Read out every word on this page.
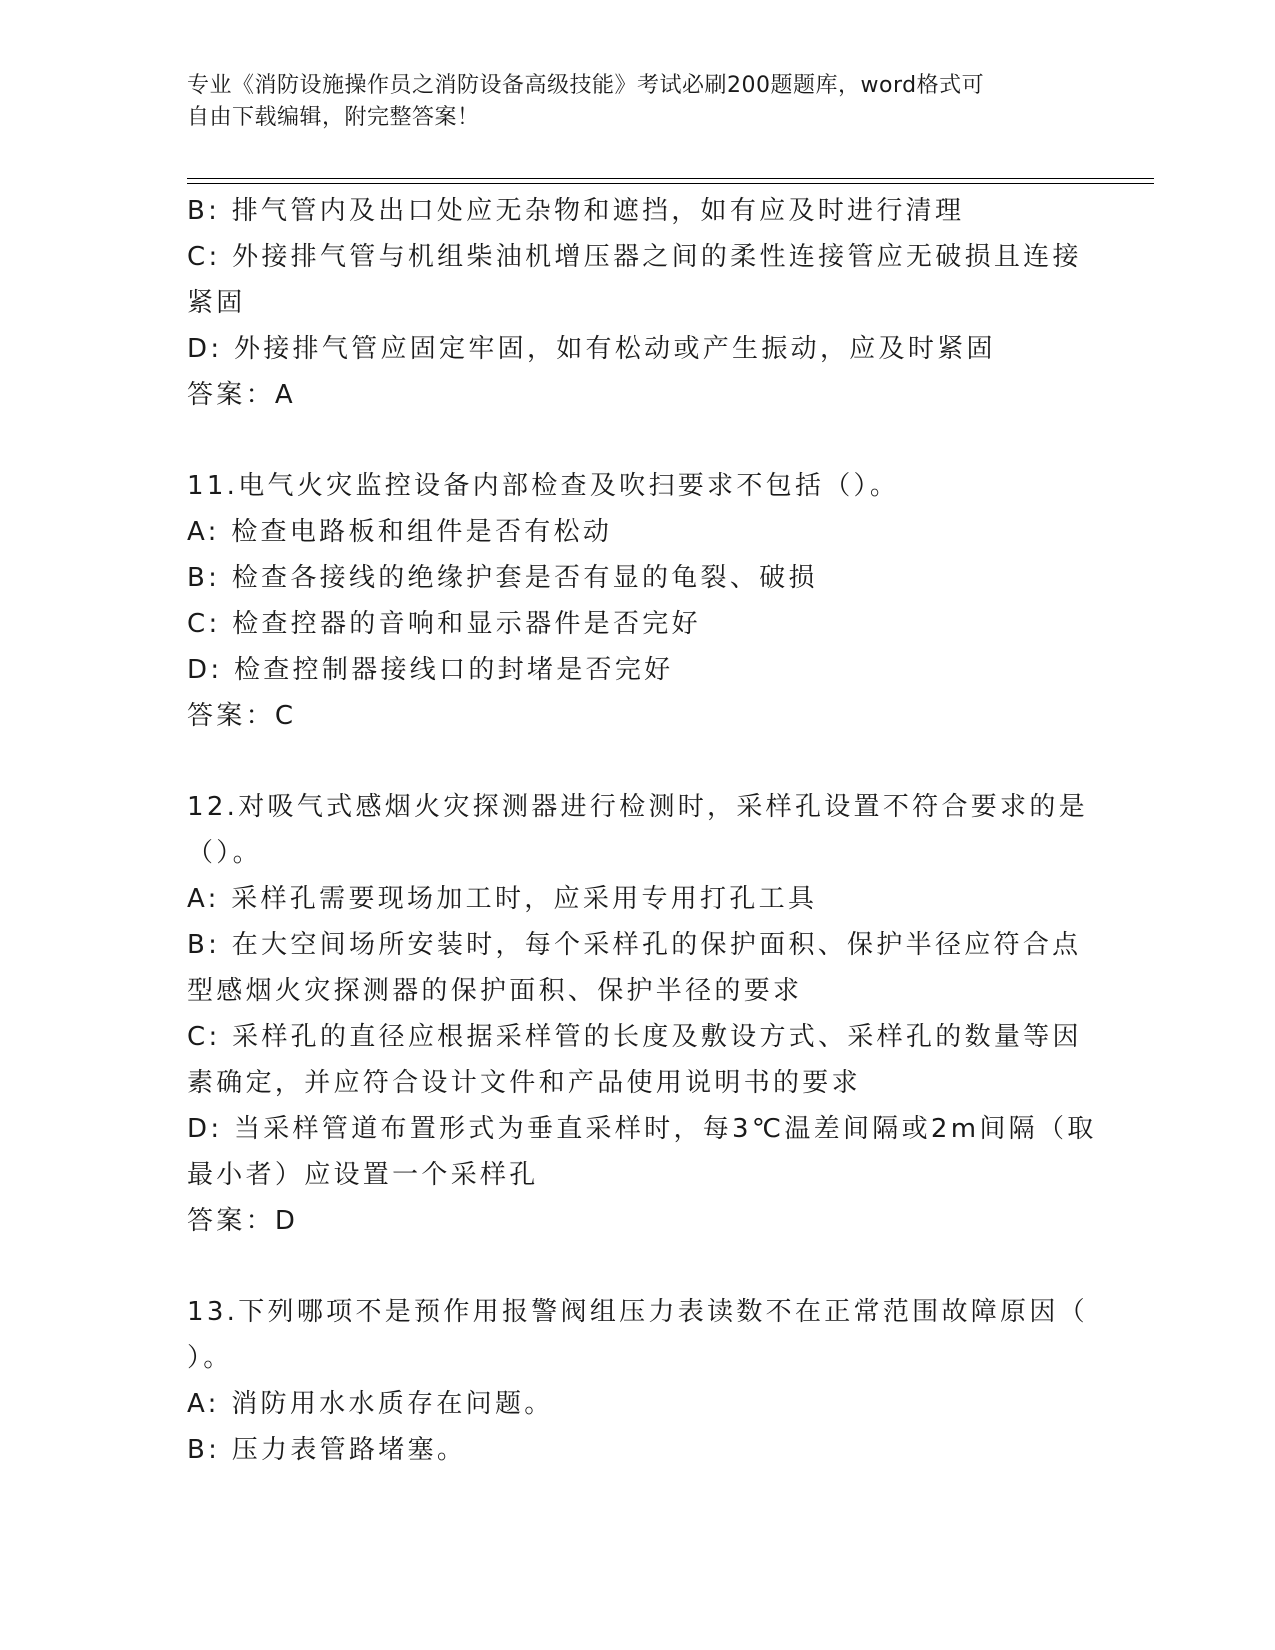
专业《消防设施操作员之消防设备高级技能》考试必刷200题题库，word格式可
自由下载编辑，附完整答案！
B: 排气管内及出口处应无杂物和遮挡，如有应及时进行清理
C: 外接排气管与机组柴油机增压器之间的柔性连接管应无破损且连接
紧固
D: 外接排气管应固定牢固，如有松动或产生振动，应及时紧固
答案：A
11.电气火灾监控设备内部检查及吹扫要求不包括（）。
A: 检查电路板和组件是否有松动
B: 检查各接线的绝缘护套是否有显的龟裂、破损
C: 检查控器的音响和显示器件是否完好
D: 检查控制器接线口的封堵是否完好
答案：C
12.对吸气式感烟火灾探测器进行检测时，采样孔设置不符合要求的是
（）。
A: 采样孔需要现场加工时，应采用专用打孔工具
B: 在大空间场所安装时，每个采样孔的保护面积、保护半径应符合点
型感烟火灾探测器的保护面积、保护半径的要求
C: 采样孔的直径应根据采样管的长度及敷设方式、采样孔的数量等因
素确定，并应符合设计文件和产品使用说明书的要求
D: 当采样管道布置形式为垂直采样时，每3℃温差间隔或2m间隔（取
最小者）应设置一个采样孔
答案：D
13.下列哪项不是预作用报警阀组压力表读数不在正常范围故障原因（
）。
A: 消防用水水质存在问题。
B: 压力表管路堵塞。
